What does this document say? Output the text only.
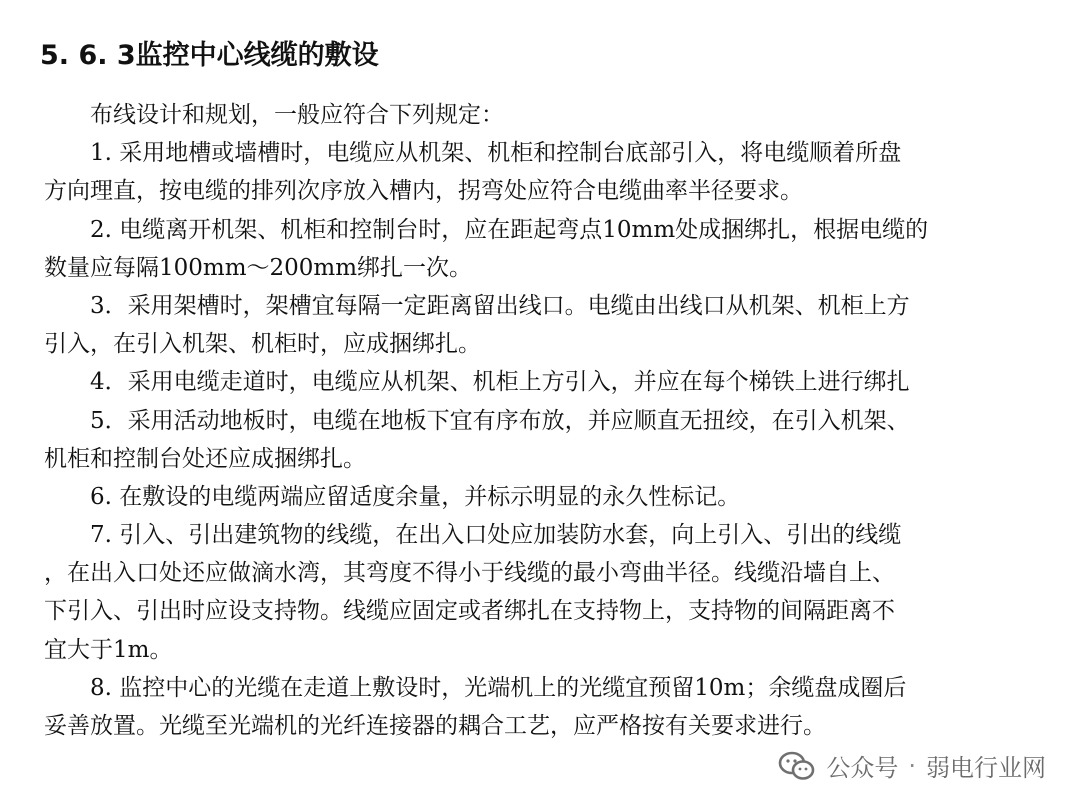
5. 6. 3监控中心线缆的敷设
布线设计和规划，一般应符合下列规定：
1. 采用地槽或墙槽时，电缆应从机架、机柜和控制台底部引入，将电缆顺着所盘
方向理直，按电缆的排列次序放入槽内，拐弯处应符合电缆曲率半径要求。
2. 电缆离开机架、机柜和控制台时，应在距起弯点10mm处成捆绑扎，根据电缆的
数量应每隔100mm～200mm绑扎一次。
3．采用架槽时，架槽宜每隔一定距离留出线口。电缆由出线口从机架、机柜上方
引入，在引入机架、机柜时，应成捆绑扎。
4．采用电缆走道时，电缆应从机架、机柜上方引入，并应在每个梯铁上进行绑扎
5．采用活动地板时，电缆在地板下宜有序布放，并应顺直无扭绞，在引入机架、
机柜和控制台处还应成捆绑扎。
6. 在敷设的电缆两端应留适度余量，并标示明显的永久性标记。
7. 引入、引出建筑物的线缆，在出入口处应加装防水套，向上引入、引出的线缆
，在出入口处还应做滴水湾，其弯度不得小于线缆的最小弯曲半径。线缆沿墙自上、
下引入、引出时应设支持物。线缆应固定或者绑扎在支持物上，支持物的间隔距离不
宜大于1m。
8. 监控中心的光缆在走道上敷设时，光端机上的光缆宜预留10m；余缆盘成圈后
妥善放置。光缆至光端机的光纤连接器的耦合工艺，应严格按有关要求进行。
公众号 · 弱电行业网
